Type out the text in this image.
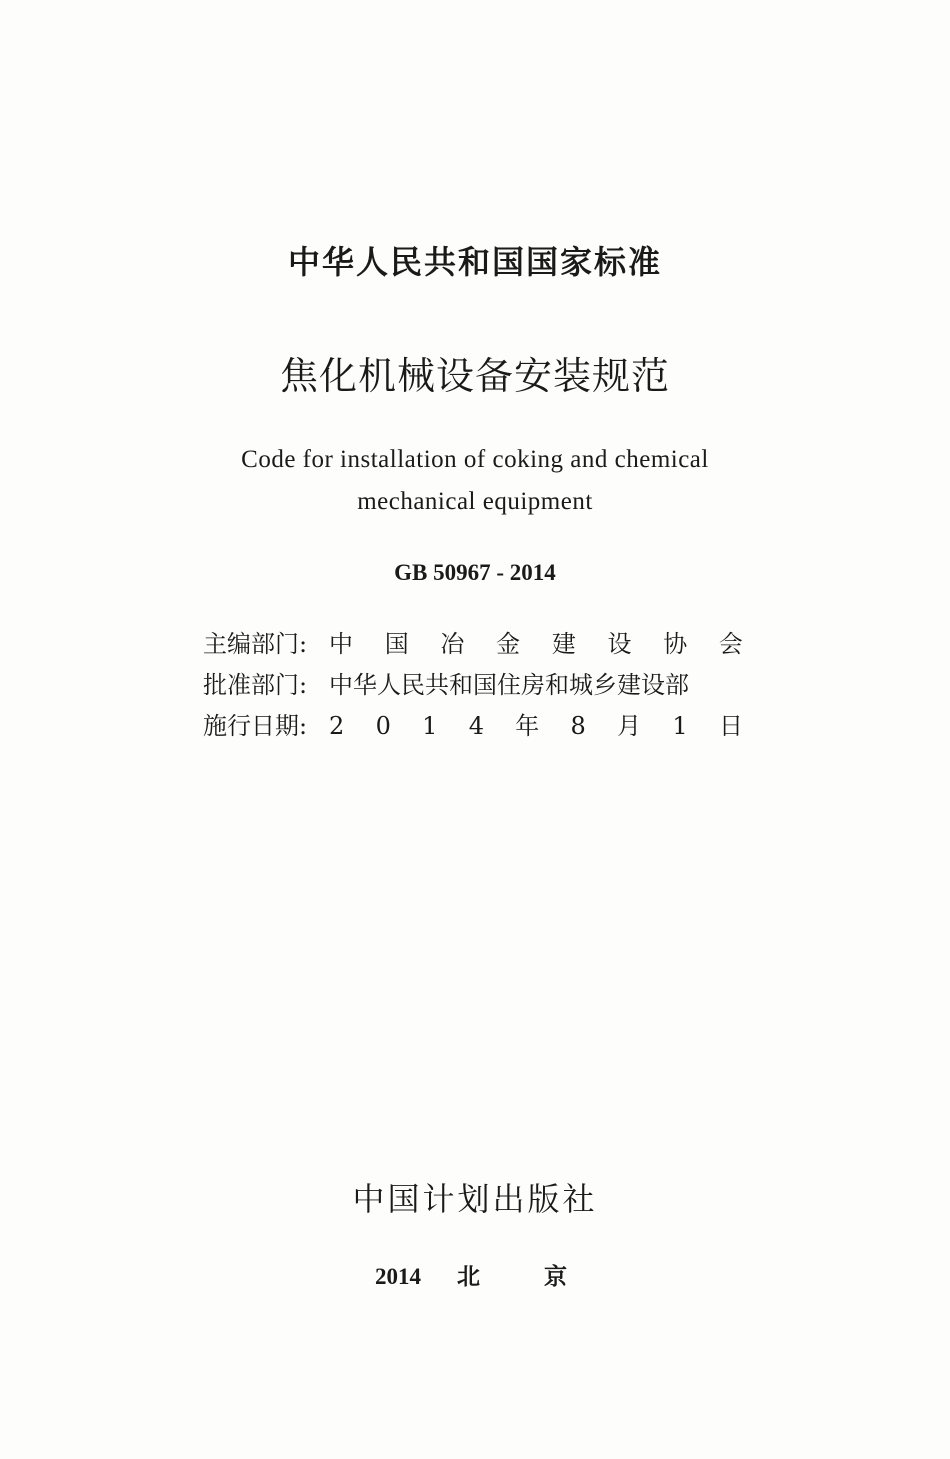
中华人民共和国国家标准
焦化机械设备安装规范
Code for installation of coking and chemical
mechanical equipment
GB 50967 - 2014
主编部门: 中 国 冶 金 建 设 协 会
批准部门: 中华人民共和国住房和城乡建设部
施行日期: 2 0 1 4 年 8 月 1 日
中国计划出版社
2014 北	京
